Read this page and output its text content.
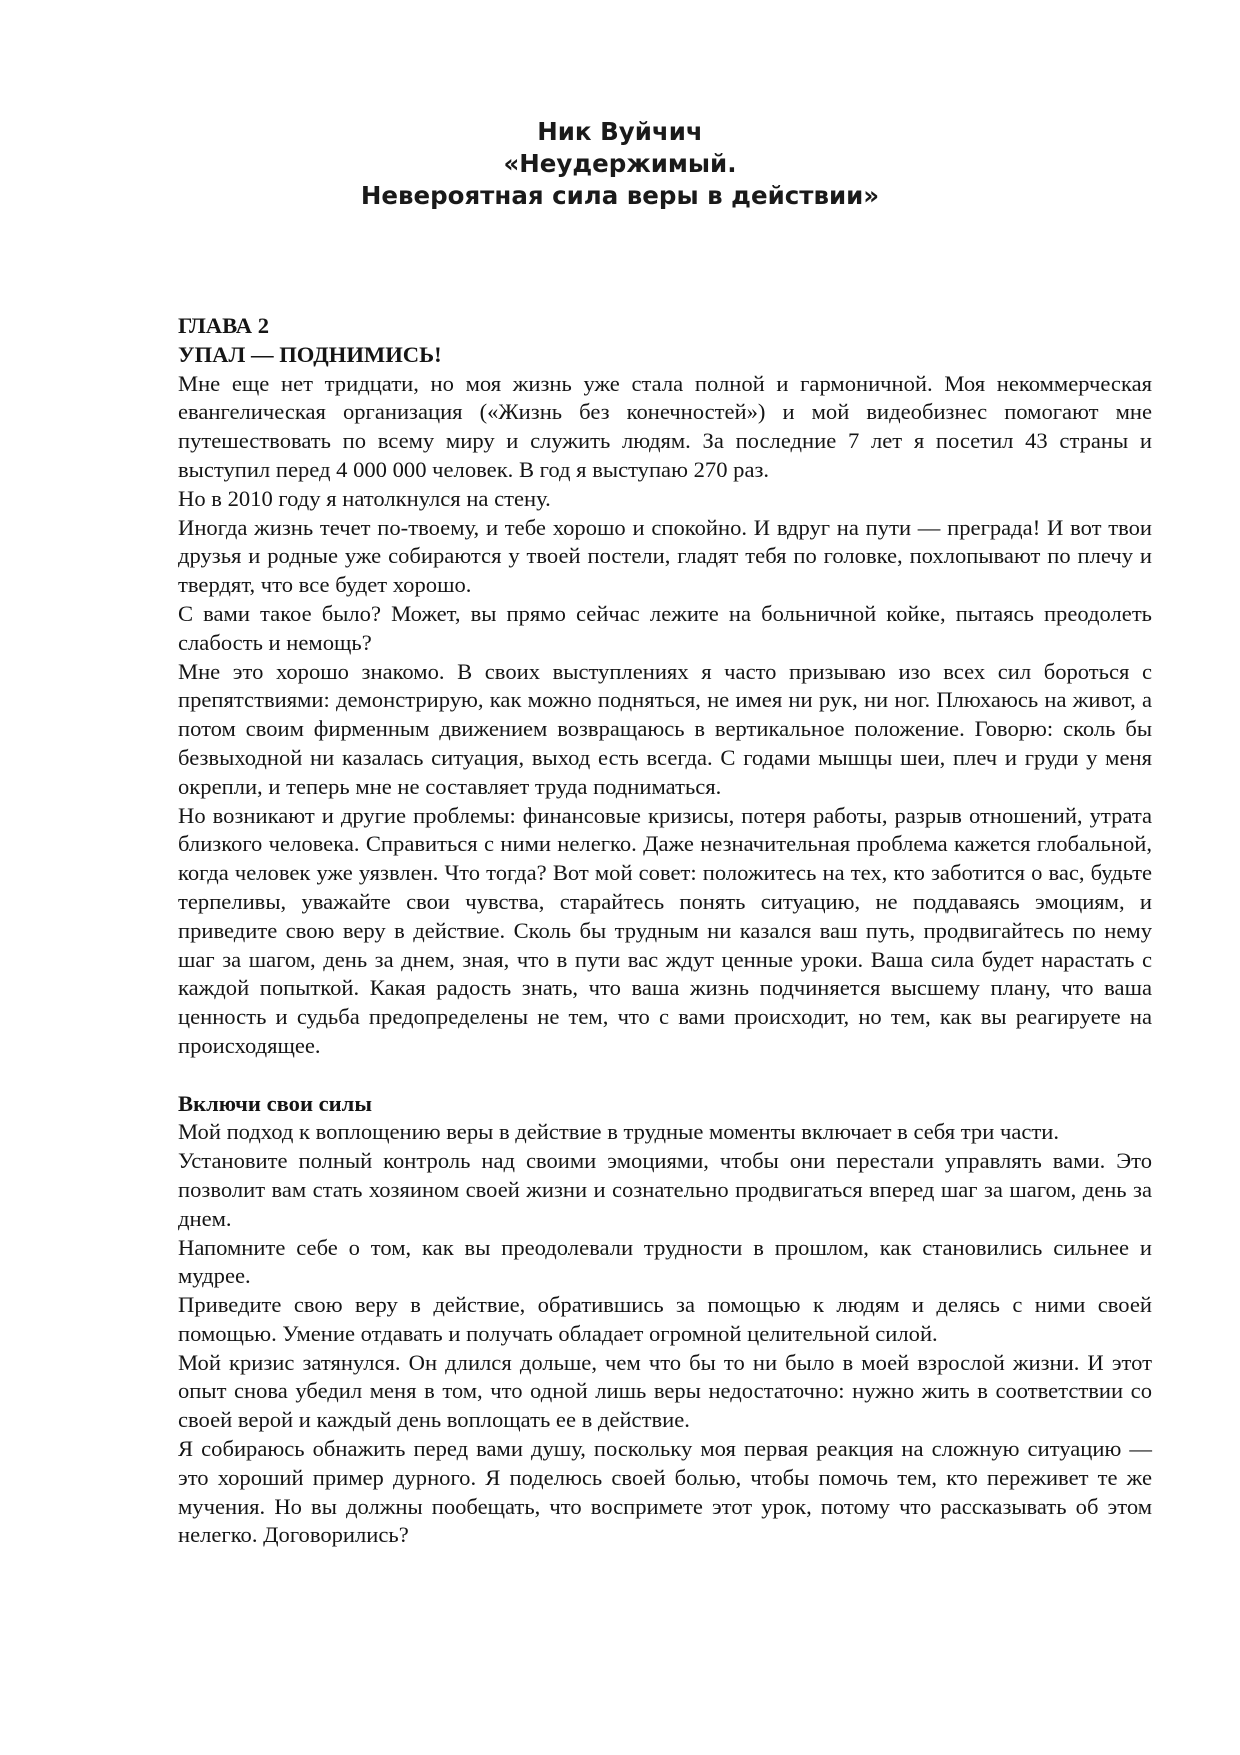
Ник Вуйчич
«Неудержимый.
Невероятная сила веры в действии»

ГЛАВА 2

УПАЛ — ПОДНИМИСЬ!

Мне еще нет тридцати, но моя жизнь уже стала полной и гармоничной. Моя некоммерческая евангелическая организация («Жизнь без конечностей») и мой видеобизнес помогают мне путешествовать по всему миру и служить людям. За последние 7 лет я посетил 43 страны и выступил перед 4 000 000 человек. В год я выступаю 270 раз.

Но в 2010 году я натолкнулся на стену.

Иногда жизнь течет по-твоему, и тебе хорошо и спокойно. И вдруг на пути — преграда! И вот твои друзья и родные уже собираются у твоей постели, гладят тебя по головке, похлопывают по плечу и твердят, что все будет хорошо.

С вами такое было? Может, вы прямо сейчас лежите на больничной койке, пытаясь преодолеть слабость и немощь?

Мне это хорошо знакомо. В своих выступлениях я часто призываю изо всех сил бороться с препятствиями: демонстрирую, как можно подняться, не имея ни рук, ни ног. Плюхаюсь на живот, а потом своим фирменным движением возвращаюсь в вертикальное положение. Говорю: сколь бы безвыходной ни казалась ситуация, выход есть всегда. С годами мышцы шеи, плеч и груди у меня окрепли, и теперь мне не составляет труда подниматься.

Но возникают и другие проблемы: финансовые кризисы, потеря работы, разрыв отношений, утрата близкого человека. Справиться с ними нелегко. Даже незначительная проблема кажется глобальной, когда человек уже уязвлен. Что тогда? Вот мой совет: положитесь на тех, кто заботится о вас, будьте терпеливы, уважайте свои чувства, старайтесь понять ситуацию, не поддаваясь эмоциям, и приведите свою веру в действие. Сколь бы трудным ни казался ваш путь, продвигайтесь по нему шаг за шагом, день за днем, зная, что в пути вас ждут ценные уроки. Ваша сила будет нарастать с каждой попыткой. Какая радость знать, что ваша жизнь подчиняется высшему плану, что ваша ценность и судьба предопределены не тем, что с вами происходит, но тем, как вы реагируете на происходящее.

Включи свои силы

Мой подход к воплощению веры в действие в трудные моменты включает в себя три части.

Установите полный контроль над своими эмоциями, чтобы они перестали управлять вами. Это позволит вам стать хозяином своей жизни и сознательно продвигаться вперед шаг за шагом, день за днем.

Напомните себе о том, как вы преодолевали трудности в прошлом, как становились сильнее и мудрее.

Приведите свою веру в действие, обратившись за помощью к людям и делясь с ними своей помощью. Умение отдавать и получать обладает огромной целительной силой.

Мой кризис затянулся. Он длился дольше, чем что бы то ни было в моей взрослой жизни. И этот опыт снова убедил меня в том, что одной лишь веры недостаточно: нужно жить в соответствии со своей верой и каждый день воплощать ее в действие.

Я собираюсь обнажить перед вами душу, поскольку моя первая реакция на сложную ситуацию — это хороший пример дурного. Я поделюсь своей болью, чтобы помочь тем, кто переживет те же мучения. Но вы должны пообещать, что воспримете этот урок, потому что рассказывать об этом нелегко. Договорились?
